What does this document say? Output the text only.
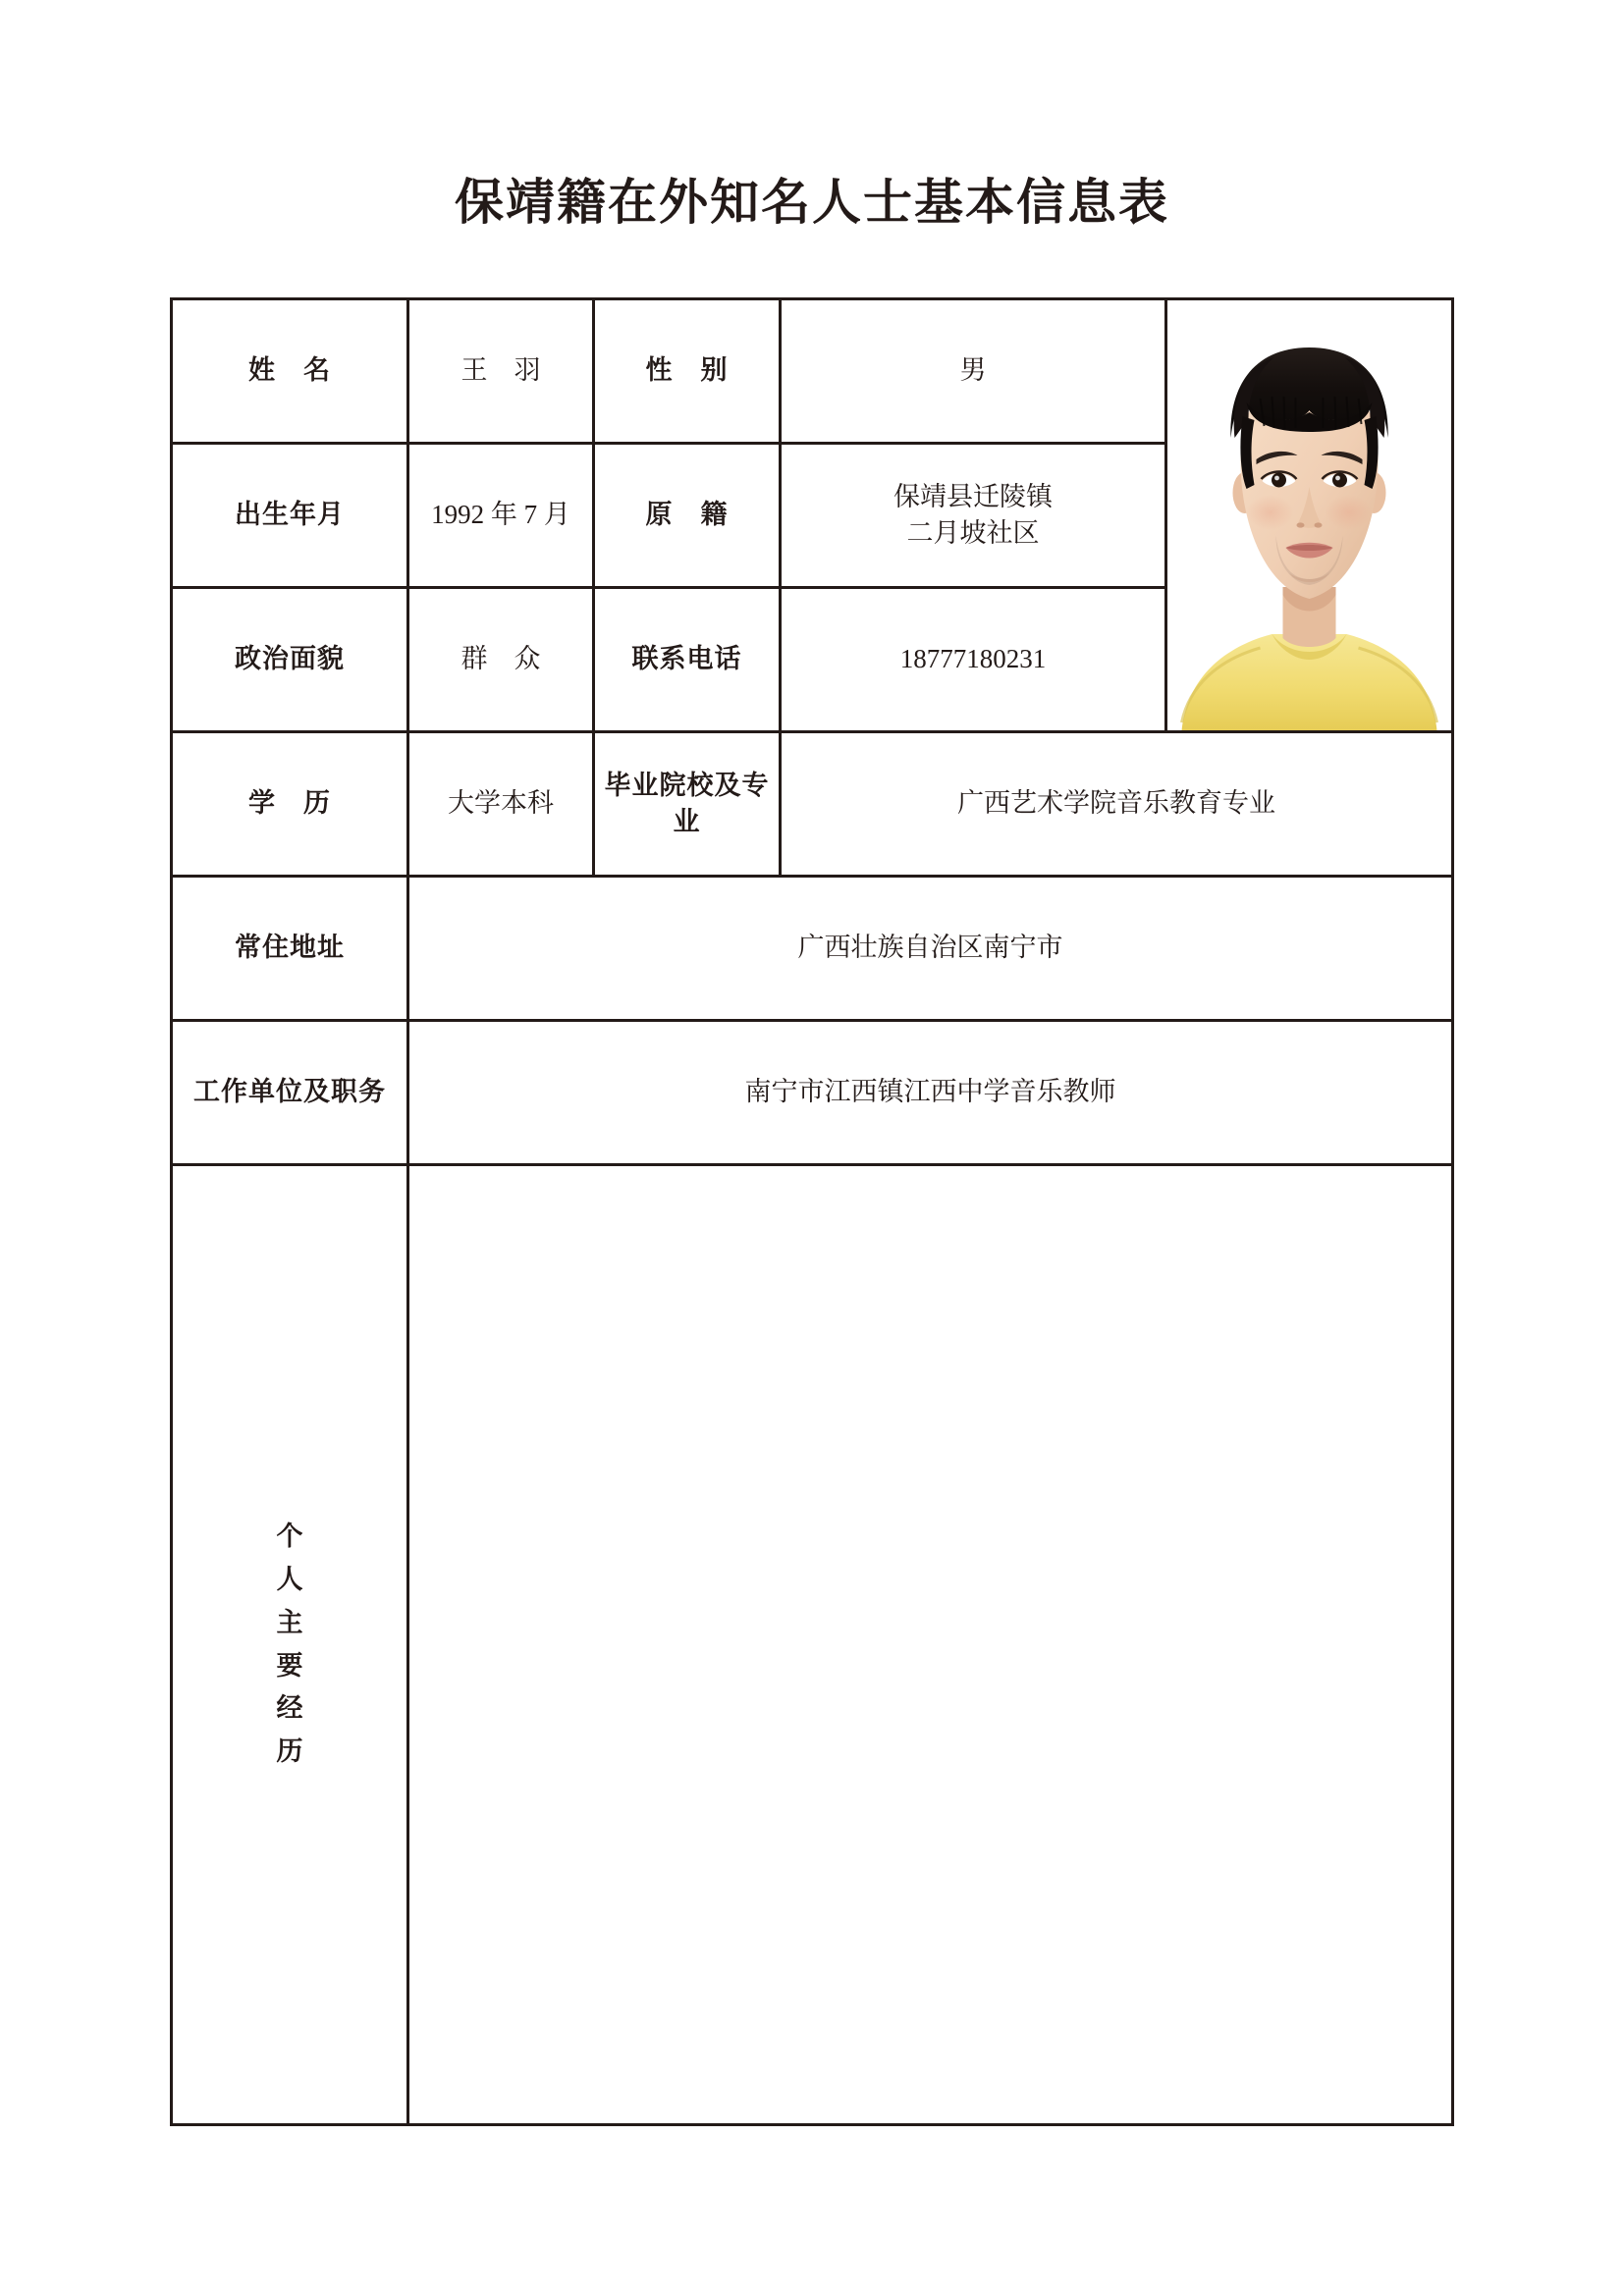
保靖籍在外知名人士基本信息表
姓　名	王　羽	性　别	男	

出生年月	1992 年 7 月	原　籍	保靖县迁陵镇
二月坡社区	

政治面貌	群　众	联系电话	18777180231	
学　历	大学本科	毕业院校及专业	广西艺术学院音乐教育专业	
常住地址	广西壮族自治区南宁市			
工作单位及职务	南宁市江西镇江西中学音乐教师			

个
人
主
要
经
历
